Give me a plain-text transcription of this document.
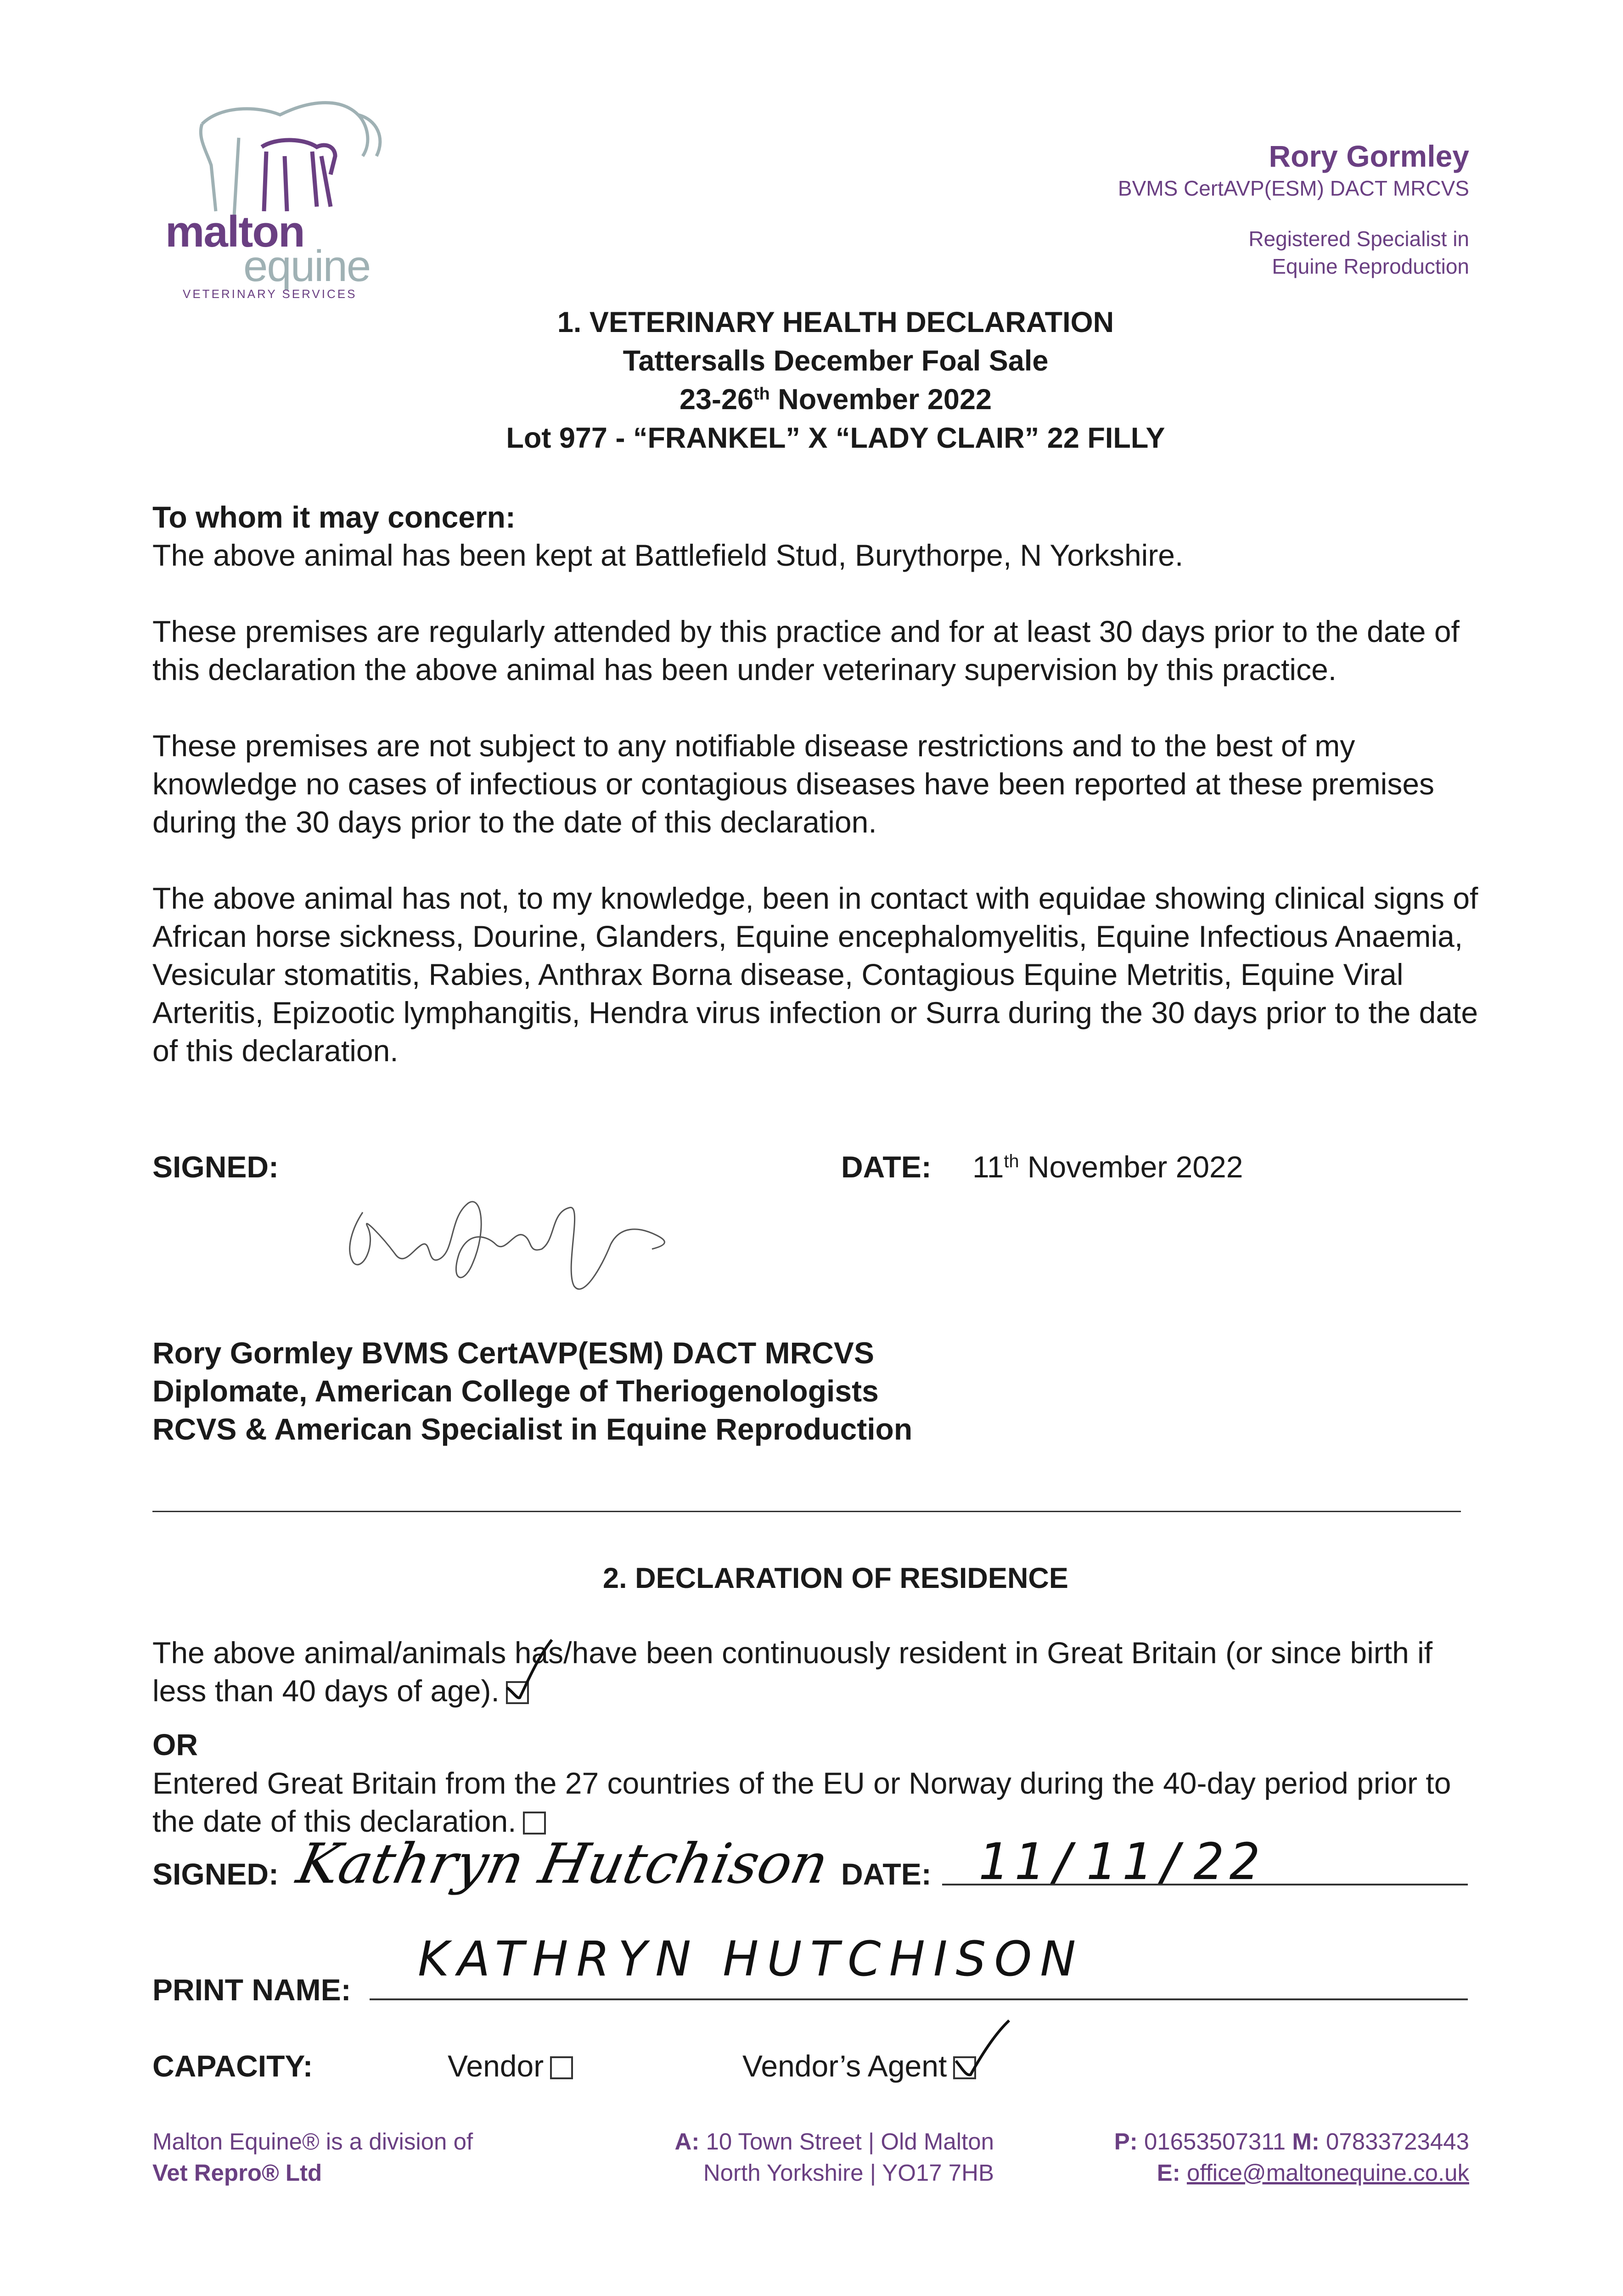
malton
equine
VETERINARY SERVICES
Rory Gormley
BVMS CertAVP(ESM) DACT MRCVS
Registered Specialist in
Equine Reproduction
1. VETERINARY HEALTH DECLARATION
Tattersalls December Foal Sale
23-26th November 2022
Lot 977 - “FRANKEL” X “LADY CLAIR” 22 FILLY
To whom it may concern:
The above animal has been kept at Battlefield Stud, Burythorpe, N Yorkshire.
These premises are regularly attended by this practice and for at least 30 days prior to the date of this declaration the above animal has been under veterinary supervision by this practice.
These premises are not subject to any notifiable disease restrictions and to the best of my knowledge no cases of infectious or contagious diseases have been reported at these premises during the 30 days prior to the date of this declaration.
The above animal has not, to my knowledge, been in contact with equidae showing clinical signs of African horse sickness, Dourine, Glanders, Equine encephalomyelitis, Equine Infectious Anaemia, Vesicular stomatitis, Rabies, Anthrax Borna disease, Contagious Equine Metritis, Equine Viral Arteritis, Epizootic lymphangitis, Hendra virus infection or Surra during the 30 days prior to the date of this declaration.
SIGNED:	DATE: 11th November 2022
Rory Gormley BVMS CertAVP(ESM) DACT MRCVS
Diplomate, American College of Theriogenologists
RCVS & American Specialist in Equine Reproduction
2. DECLARATION OF RESIDENCE
The above animal/animals has/have been continuously resident in Great Britain (or since birth if less than 40 days of age).
OR
Entered Great Britain from the 27 countries of the EU or Norway during the 40-day period prior to the date of this declaration.
SIGNED: Kathryn Hutchison DATE: 11/11/22
PRINT NAME:
KATHRYN HUTCHISON
CAPACITY:	Vendor	Vendor’s Agent
Malton Equine® is a division of
Vet Repro® Ltd
A: 10 Town Street | Old Malton
North Yorkshire | YO17 7HB
P: 01653507311 M: 07833723443
E: office@maltonequine.co.uk
